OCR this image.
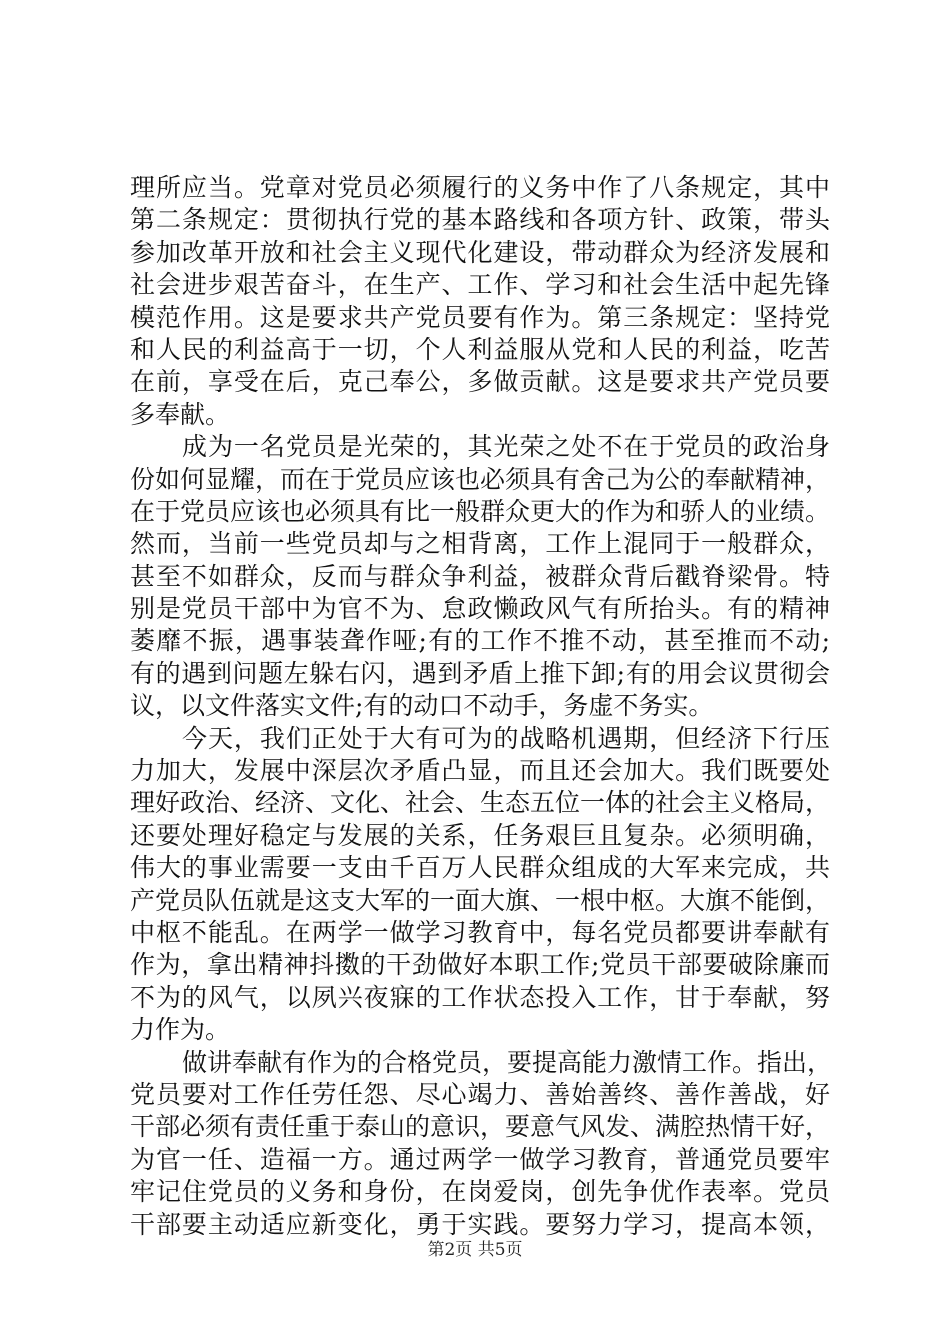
理所应当。党章对党员必须履行的义务中作了八条规定，其中
第二条规定：贯彻执行党的基本路线和各项方针、政策，带头
参加改革开放和社会主义现代化建设，带动群众为经济发展和
社会进步艰苦奋斗，在生产、工作、学习和社会生活中起先锋
模范作用。这是要求共产党员要有作为。第三条规定：坚持党
和人民的利益高于一切，个人利益服从党和人民的利益，吃苦
在前，享受在后，克己奉公，多做贡献。这是要求共产党员要
多奉献。
成为一名党员是光荣的，其光荣之处不在于党员的政治身
份如何显耀，而在于党员应该也必须具有舍己为公的奉献精神，
在于党员应该也必须具有比一般群众更大的作为和骄人的业绩。
然而，当前一些党员却与之相背离，工作上混同于一般群众，
甚至不如群众，反而与群众争利益，被群众背后戳脊梁骨。特
别是党员干部中为官不为、怠政懒政风气有所抬头。有的精神
萎靡不振，遇事装聋作哑;有的工作不推不动，甚至推而不动;
有的遇到问题左躲右闪，遇到矛盾上推下卸;有的用会议贯彻会
议，以文件落实文件;有的动口不动手，务虚不务实。
今天，我们正处于大有可为的战略机遇期，但经济下行压
力加大，发展中深层次矛盾凸显，而且还会加大。我们既要处
理好政治、经济、文化、社会、生态五位一体的社会主义格局，
还要处理好稳定与发展的关系，任务艰巨且复杂。必须明确，
伟大的事业需要一支由千百万人民群众组成的大军来完成，共
产党员队伍就是这支大军的一面大旗、一根中枢。大旗不能倒，
中枢不能乱。在两学一做学习教育中，每名党员都要讲奉献有
作为，拿出精神抖擞的干劲做好本职工作;党员干部要破除廉而
不为的风气，以夙兴夜寐的工作状态投入工作，甘于奉献，努
力作为。
做讲奉献有作为的合格党员，要提高能力激情工作。指出，
党员要对工作任劳任怨、尽心竭力、善始善终、善作善战，好
干部必须有责任重于泰山的意识，要意气风发、满腔热情干好，
为官一任、造福一方。通过两学一做学习教育，普通党员要牢
牢记住党员的义务和身份，在岗爱岗，创先争优作表率。党员
干部要主动适应新变化，勇于实践。要努力学习，提高本领，
第2页 共5页
